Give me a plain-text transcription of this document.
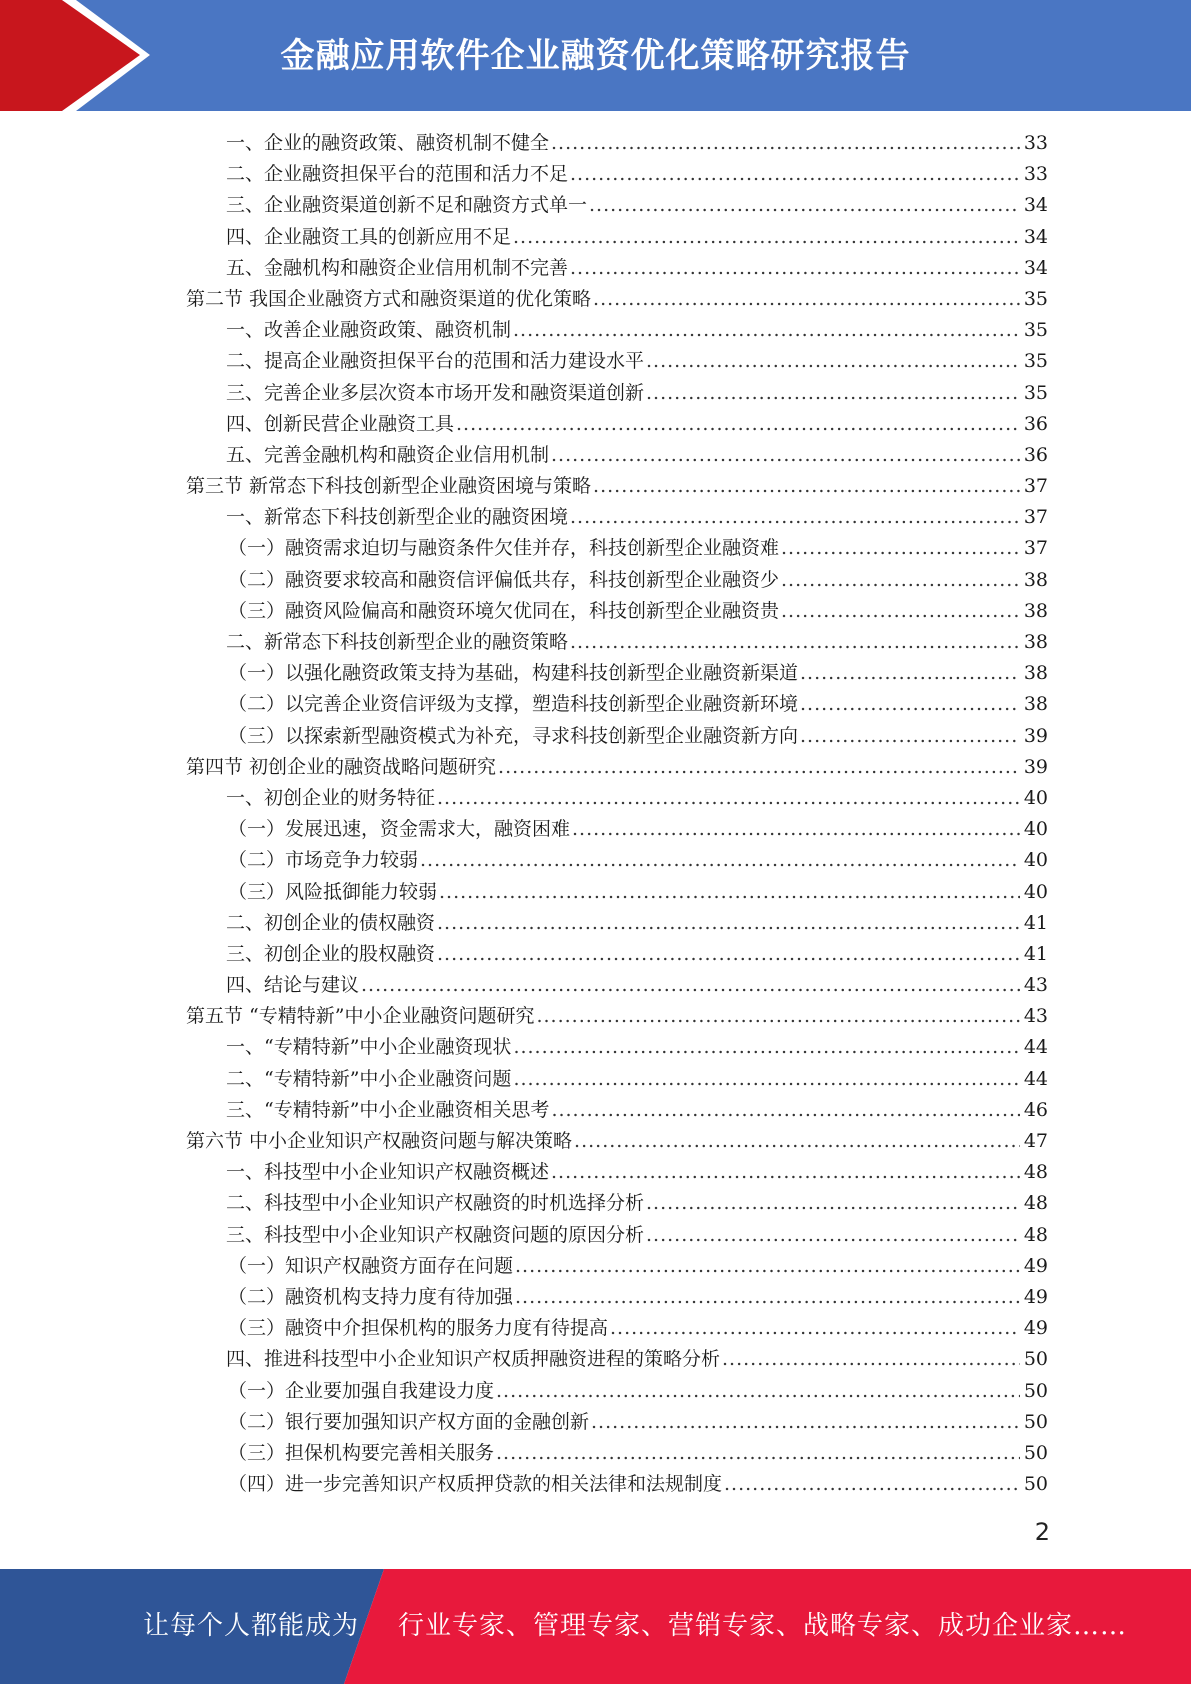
金融应用软件企业融资优化策略研究报告
一、企业的融资政策、融资机制不健全 .....	33
二、企业融资担保平台的范围和活力不足 .....	33
三、企业融资渠道创新不足和融资方式单一 .....	34
四、企业融资工具的创新应用不足 .....	34
五、金融机构和融资企业信用机制不完善 .....	34
第二节 我国企业融资方式和融资渠道的优化策略 .....	35
一、改善企业融资政策、融资机制 .....	35
二、提高企业融资担保平台的范围和活力建设水平 .....	35
三、完善企业多层次资本市场开发和融资渠道创新 .....	35
四、创新民营企业融资工具 .....	36
五、完善金融机构和融资企业信用机制 .....	36
第三节 新常态下科技创新型企业融资困境与策略 .....	37
一、新常态下科技创新型企业的融资困境 .....	37
（一）融资需求迫切与融资条件欠佳并存，科技创新型企业融资难 .....	37
（二）融资要求较高和融资信评偏低共存，科技创新型企业融资少 .....	38
（三）融资风险偏高和融资环境欠优同在，科技创新型企业融资贵 .....	38
二、新常态下科技创新型企业的融资策略 .....	38
（一）以强化融资政策支持为基础，构建科技创新型企业融资新渠道 .....	38
（二）以完善企业资信评级为支撑，塑造科技创新型企业融资新环境 .....	38
（三）以探索新型融资模式为补充，寻求科技创新型企业融资新方向 .....	39
第四节 初创企业的融资战略问题研究 .....	39
一、初创企业的财务特征 .....	40
（一）发展迅速，资金需求大，融资困难 .....	40
（二）市场竞争力较弱 .....	40
（三）风险抵御能力较弱 .....	40
二、初创企业的债权融资 .....	41
三、初创企业的股权融资 .....	41
四、结论与建议 .....	43
第五节 “专精特新”中小企业融资问题研究 .....	43
一、“专精特新”中小企业融资现状 .....	44
二、“专精特新”中小企业融资问题 .....	44
三、“专精特新”中小企业融资相关思考 .....	46
第六节 中小企业知识产权融资问题与解决策略 .....	47
一、科技型中小企业知识产权融资概述 .....	48
二、科技型中小企业知识产权融资的时机选择分析 .....	48
三、科技型中小企业知识产权融资问题的原因分析 .....	48
（一）知识产权融资方面存在问题 .....	49
（二）融资机构支持力度有待加强 .....	49
（三）融资中介担保机构的服务力度有待提高 .....	49
四、推进科技型中小企业知识产权质押融资进程的策略分析 .....	50
（一）企业要加强自我建设力度 .....	50
（二）银行要加强知识产权方面的金融创新 .....	50
（三）担保机构要完善相关服务 .....	50
（四）进一步完善知识产权质押贷款的相关法律和法规制度 .....	50
2
让每个人都能成为 行业专家、管理专家、营销专家、战略专家、成功企业家……
